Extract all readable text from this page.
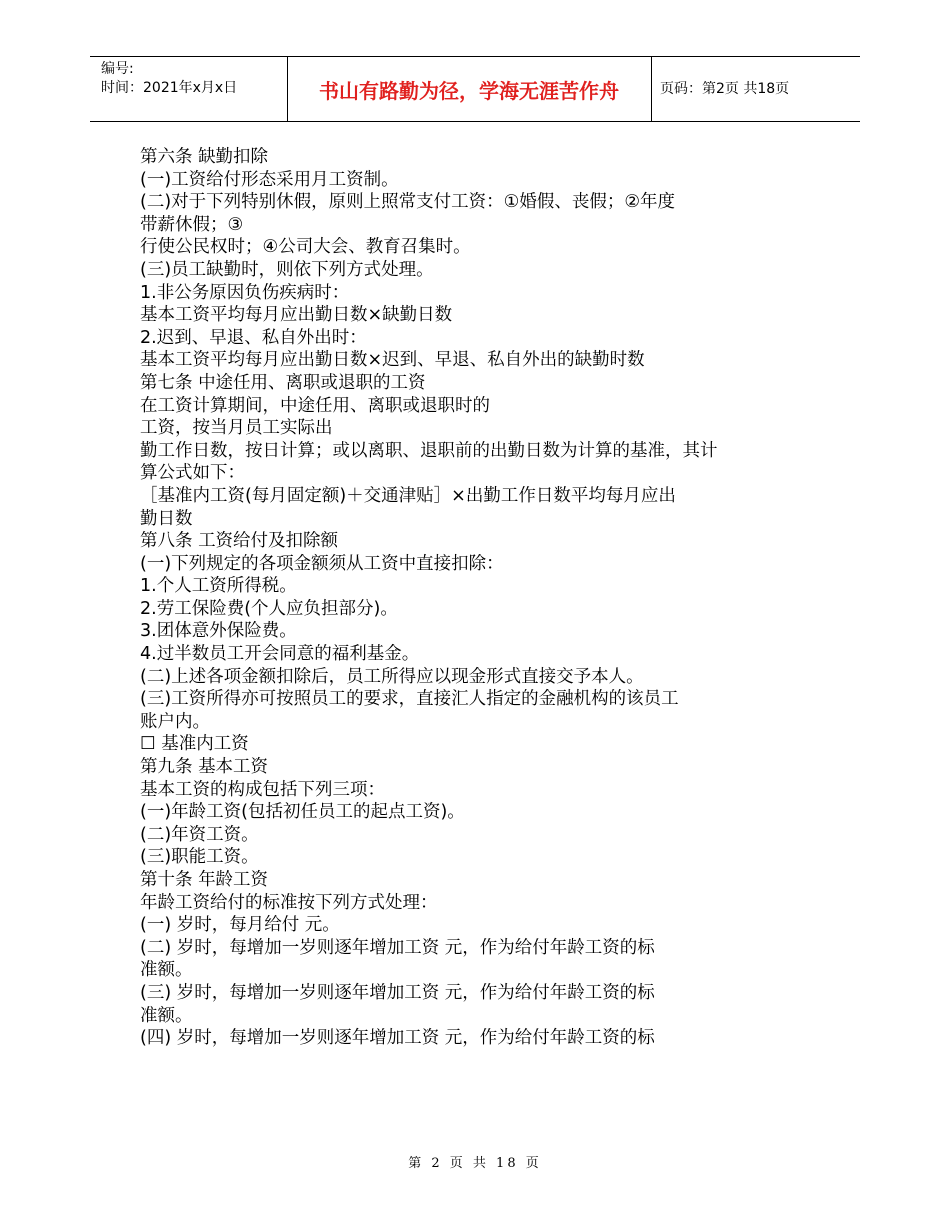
编号:
时间：2021年x月x日	书山有路勤为径，学海无涯苦作舟	页码：第2页 共18页
第六条 缺勤扣除
(一)工资给付形态采用月工资制。
(二)对于下列特别休假，原则上照常支付工资：①婚假、丧假；②年度
带薪休假；③
行使公民权时；④公司大会、教育召集时。
(三)员工缺勤时，则依下列方式处理。
1.非公务原因负伤疾病时：
基本工资平均每月应出勤日数×缺勤日数
2.迟到、早退、私自外出时：
基本工资平均每月应出勤日数×迟到、早退、私自外出的缺勤时数
第七条 中途任用、离职或退职的工资
在工资计算期间，中途任用、离职或退职时的
工资，按当月员工实际出
勤工作日数，按日计算；或以离职、退职前的出勤日数为计算的基准，其计
算公式如下：
［基准内工资(每月固定额)＋交通津贴］×出勤工作日数平均每月应出
勤日数
第八条 工资给付及扣除额
(一)下列规定的各项金额须从工资中直接扣除：
1.个人工资所得税。
2.劳工保险费(个人应负担部分)。
3.团体意外保险费。
4.过半数员工开会同意的福利基金。
(二)上述各项金额扣除后，员工所得应以现金形式直接交予本人。
(三)工资所得亦可按照员工的要求，直接汇人指定的金融机构的该员工
账户内。
☐ 基准内工资
第九条 基本工资
基本工资的构成包括下列三项：
(一)年龄工资(包括初任员工的起点工资)。
(二)年资工资。
(三)职能工资。
第十条 年龄工资
年龄工资给付的标准按下列方式处理：
(一) 岁时，每月给付 元。
(二) 岁时，每增加一岁则逐年增加工资 元，作为给付年龄工资的标
准额。
(三) 岁时，每增加一岁则逐年增加工资 元，作为给付年龄工资的标
准额。
(四) 岁时，每增加一岁则逐年增加工资 元，作为给付年龄工资的标
第 2 页 共 18 页
